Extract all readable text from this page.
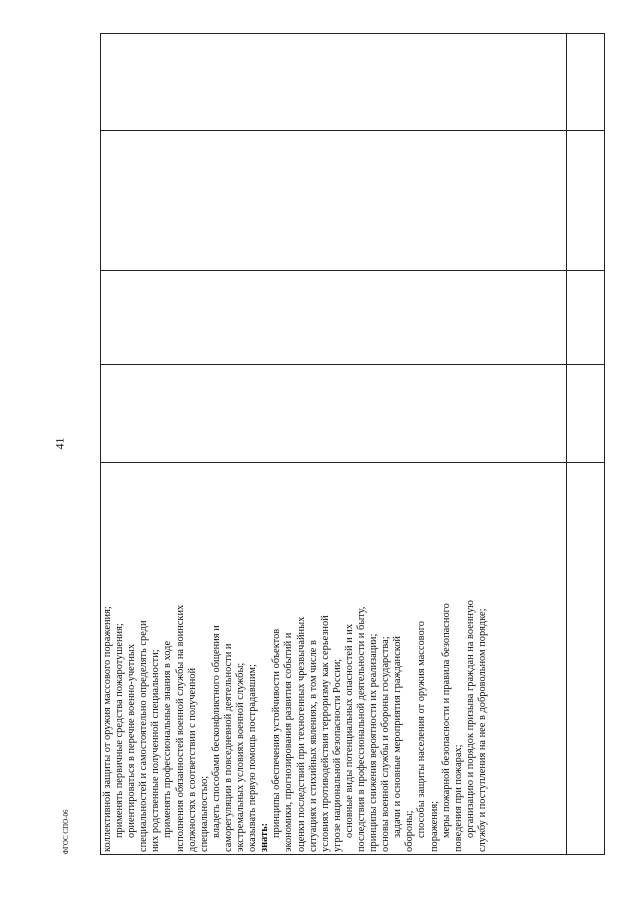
41
ФГОС СПО-06	коллективной защиты от оружия массового поражения; применять первичные средства пожаротушения; ориентироваться в перечне военно-учетных специальностей и самостоятельно определять среди них родственные полученной специальности; применять профессиональные знания в ходе исполнения обязанностей военной службы на воинских должностях в соответствии с полученной специальностью; владеть способами бесконфликтного общения и саморегуляции в повседневной деятельности и экстремальных условиях военной службы; оказывать первую помощь пострадавшим; знать: принципы обеспечения устойчивости объектов экономики, прогнозирования развития событий и оценки последствий при техногенных чрезвычайных ситуациях и стихийных явлениях, в том числе в условиях противодействия терроризму как серьезной угрозе национальной безопасности России; основные виды потенциальных опасностей и их последствия в профессиональной деятельности и быту, принципы снижения вероятности их реализации; основы военной службы и обороны государства; задачи и основные мероприятия гражданской обороны; способы защиты населения от оружия массового поражения; меры пожарной безопасности и правила безопасного поведения при пожарах; организацию и порядок призыва граждан на военную службу и поступления на нее в добровольном порядке;
